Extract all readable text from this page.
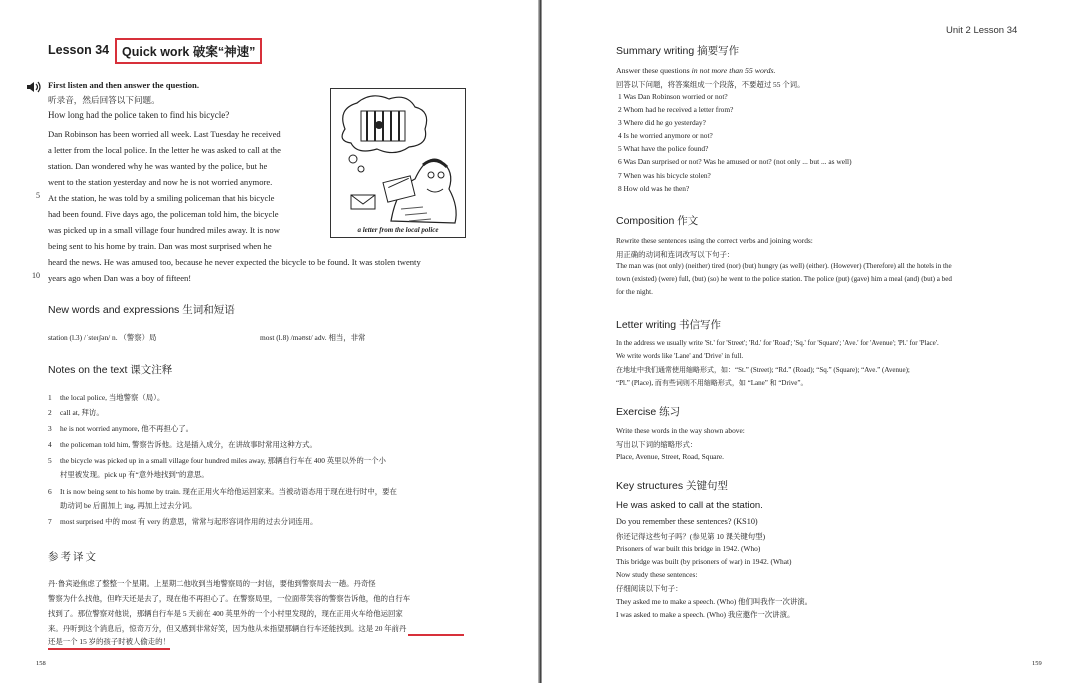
Lesson 34	Quick work 破案“神速”
First listen and then answer the question.
听录音，然后回答以下问题。
How long had the police taken to find his bicycle?
Dan Robinson has been worried all week. Last Tuesday he received
a letter from the local police. In the letter he was asked to call at the
station. Dan wondered why he was wanted by the police, but he
went to the station yesterday and now he is not worried anymore.
At the station, he was told by a smiling policeman that his bicycle
had been found. Five days ago, the policeman told him, the bicycle
was picked up in a small village four hundred miles away. It is now
being sent to his home by train. Dan was most surprised when he
heard the news. He was amused too, because he never expected the bicycle to be found. It was stolen twenty
years ago when Dan was a boy of fifteen!
5
10
a letter from the local police
New words and expressions 生词和短语
station (l.3) /ˈsteɪʃən/ n. （警察）局	most (l.8) /məʊst/ adv. 相当，非常
Notes on the text 课文注释
1 the local police, 当地警察（局）。
2 call at, 拜访。
3 he is not worried anymore, 他不再担心了。
4 the policeman told him, 警察告诉他。这是插入成分，在讲故事时常用这种方式。
5 the bicycle was picked up in a small village four hundred miles away, 那辆自行车在 400 英里以外的一个小
村里被发现。pick up 有“意外地找到”的意思。
6 It is now being sent to his home by train. 现在正用火车给他运回家来。当被动语态用于现在进行时中，要在
助动词 be 后面加上 ing, 再加上过去分词。
7 most surprised 中的 most 有 very 的意思，常常与起形容词作用的过去分词连用。
参考译文
丹·鲁宾逊焦虑了整整一个星期。上星期二他收到当地警察局的一封信，要他到警察局去一趟。丹奇怪
警察为什么找他，但昨天还是去了，现在他不再担心了。在警察局里，一位面带笑容的警察告诉他，他的自行车
找到了。那位警察对他说，那辆自行车是 5 天前在 400 英里外的一个小村里发现的，现在正用火车给他运回家
来。丹听到这个消息后，惊奇万分，但又感到非常好笑，因为他从未指望那辆自行车还能找到。这是 20 年前丹
还是一个 15 岁的孩子时被人偷走的！
158
Unit 2 Lesson 34
Summary writing 摘要写作
Answer these questions in not more than 55 words.
回答以下问题，将答案组成一个段落，不要超过 55 个词。
1 Was Dan Robinson worried or not?
2 Whom had he received a letter from?
3 Where did he go yesterday?
4 Is he worried anymore or not?
5 What have the police found?
6 Was Dan surprised or not? Was he amused or not? (not only ... but ... as well)
7 When was his bicycle stolen?
8 How old was he then?
Composition 作文
Rewrite these sentences using the correct verbs and joining words:
用正确的动词和连词改写以下句子：
The man was (not only) (neither) tired (nor) (but) hungry (as well) (either). (However) (Therefore) all the hotels in the
town (existed) (were) full, (but) (so) he went to the police station. The police (put) (gave) him a meal (and) (but) a bed
for the night.
Letter writing 书信写作
In the address we usually write 'St.' for 'Street'; 'Rd.' for 'Road'; 'Sq.' for 'Square'; 'Ave.' for 'Avenue'; 'Pl.' for 'Place'.
We write words like 'Lane' and 'Drive' in full.
在地址中我们通常使用缩略形式，如：“St.” (Street); “Rd.” (Road); “Sq.” (Square); “Ave.” (Avenue);
“Pl.” (Place), 而有些词则不用缩略形式，如 “Lane” 和 “Drive”。
Exercise 练习
Write these words in the way shown above:
写出以下词的缩略形式：
Place, Avenue, Street, Road, Square.
Key structures 关键句型
He was asked to call at the station.
Do you remember these sentences? (KS10)
你还记得这些句子吗？(参见第 10 课关键句型)
Prisoners of war built this bridge in 1942. (Who)
This bridge was built (by prisoners of war) in 1942. (What)
Now study these sentences:
仔细阅读以下句子：
They asked me to make a speech. (Who) 他们叫我作一次讲演。
I was asked to make a speech. (Who) 我应邀作一次讲演。
159
